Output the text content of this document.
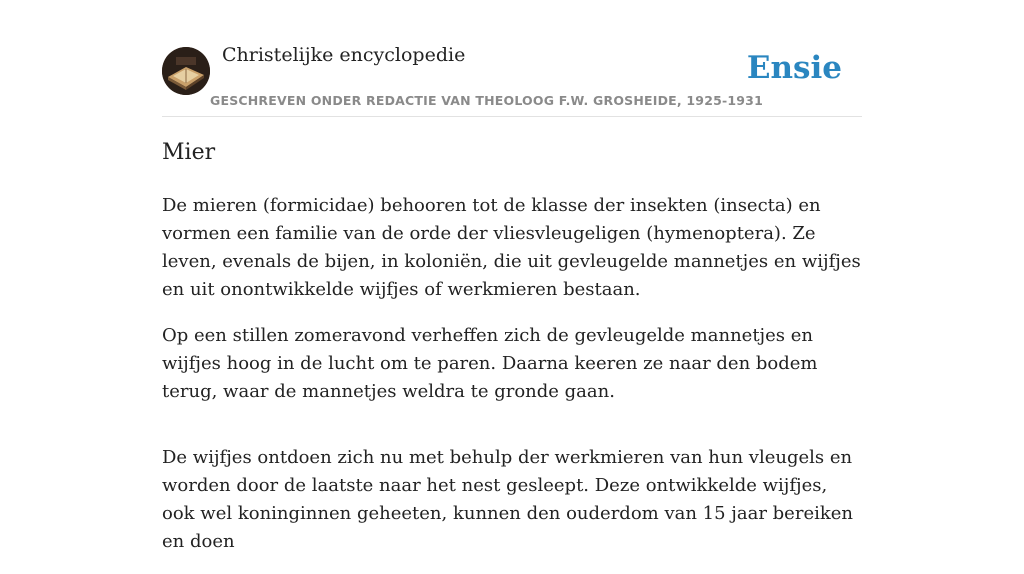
Christelijke encyclopedie
GESCHREVEN ONDER REDACTIE VAN THEOLOOG F.W. GROSHEIDE, 1925-1931
Ensie
Mier

De mieren (formicidae) behooren tot de klasse der insekten (insecta) en vormen een familie van de orde der vliesvleugeligen (hymenoptera). Ze leven, evenals de bijen, in koloniën, die uit gevleugelde mannetjes en wijfjes en uit onontwikkelde wijfjes of werkmieren bestaan.

Op een stillen zomeravond verheffen zich de gevleugelde mannetjes en wijfjes hoog in de lucht om te paren. Daarna keeren ze naar den bodem terug, waar de mannetjes weldra te gronde gaan.

De wijfjes ontdoen zich nu met behulp der werkmieren van hun vleugels en worden door de laatste naar het nest gesleept. Deze ontwikkelde wijfjes, ook wel koninginnen geheeten, kunnen den ouderdom van 15 jaar bereiken en doen
